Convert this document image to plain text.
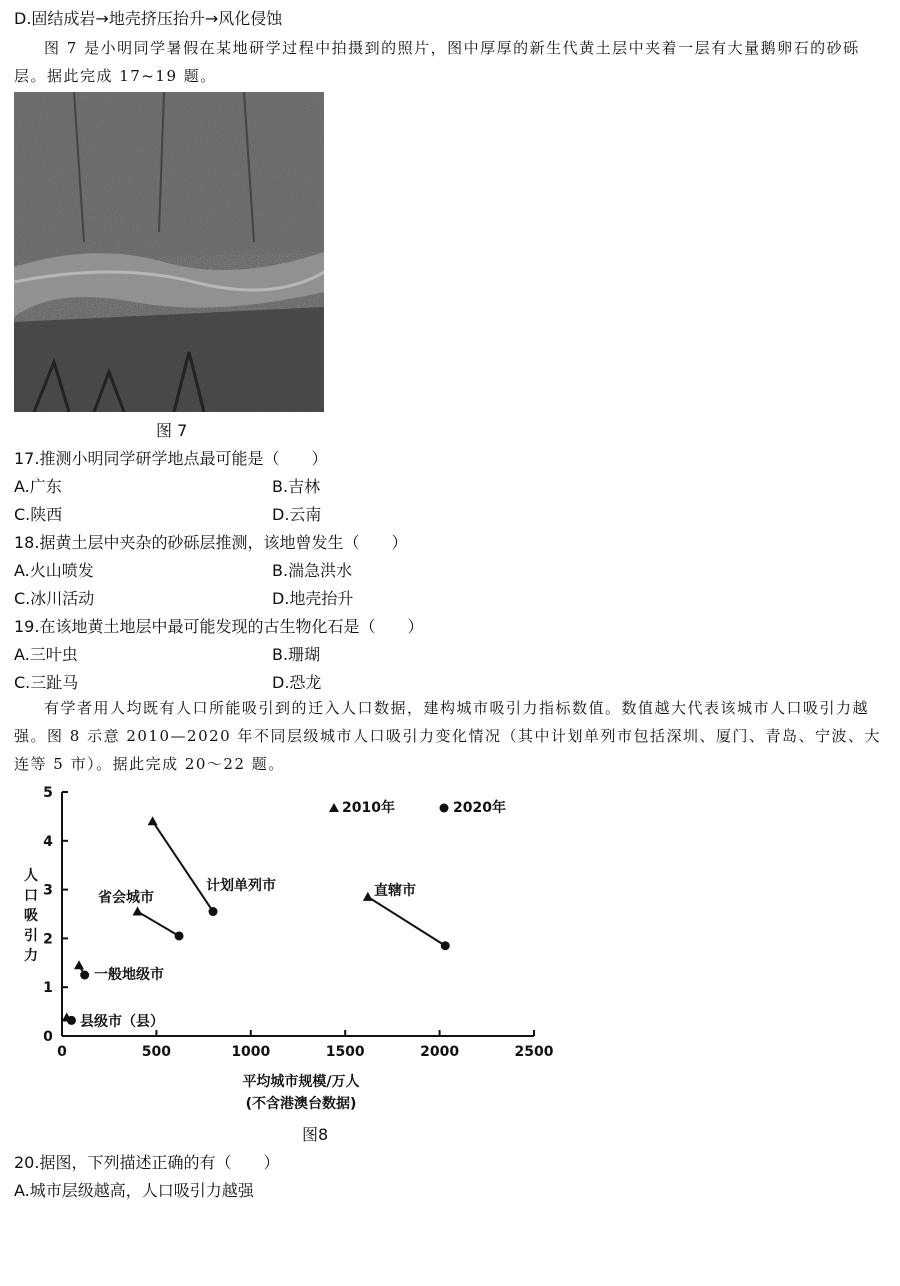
D.固结成岩→地壳挤压抬升→风化侵蚀
图 7 是小明同学暑假在某地研学过程中拍摄到的照片，图中厚厚的新生代黄土层中夹着一层有大量鹅卵石的砂砾层。据此完成 17~19 题。
图 7
17.推测小明同学研学地点最可能是（　　）
A.广东	B.吉林
C.陕西	D.云南
18.据黄土层中夹杂的砂砾层推测，该地曾发生（　　）
A.火山喷发	B.湍急洪水
C.冰川活动	D.地壳抬升
19.在该地黄土地层中最可能发现的古生物化石是（　　）
A.三叶虫	B.珊瑚
C.三趾马	D.恐龙
有学者用人均既有人口所能吸引到的迁入人口数据，建构城市吸引力指标数值。数值越大代表该城市人口吸引力越强。图 8 示意 2010—2020 年不同层级城市人口吸引力变化情况（其中计划单列市包括深圳、厦门、青岛、宁波、大连等 5 市）。据此完成 20～22 题。
0	500	1000	1500	2000	2500
0
1
2
3
4
5
计划单列市
省会城市	直辖市
一般地级市
县级市（县）
人口吸引力
平均城市规模/万人
(不含港澳台数据)
2010年	2020年
图8
20.据图，下列描述正确的有（　　）
A.城市层级越高，人口吸引力越强
